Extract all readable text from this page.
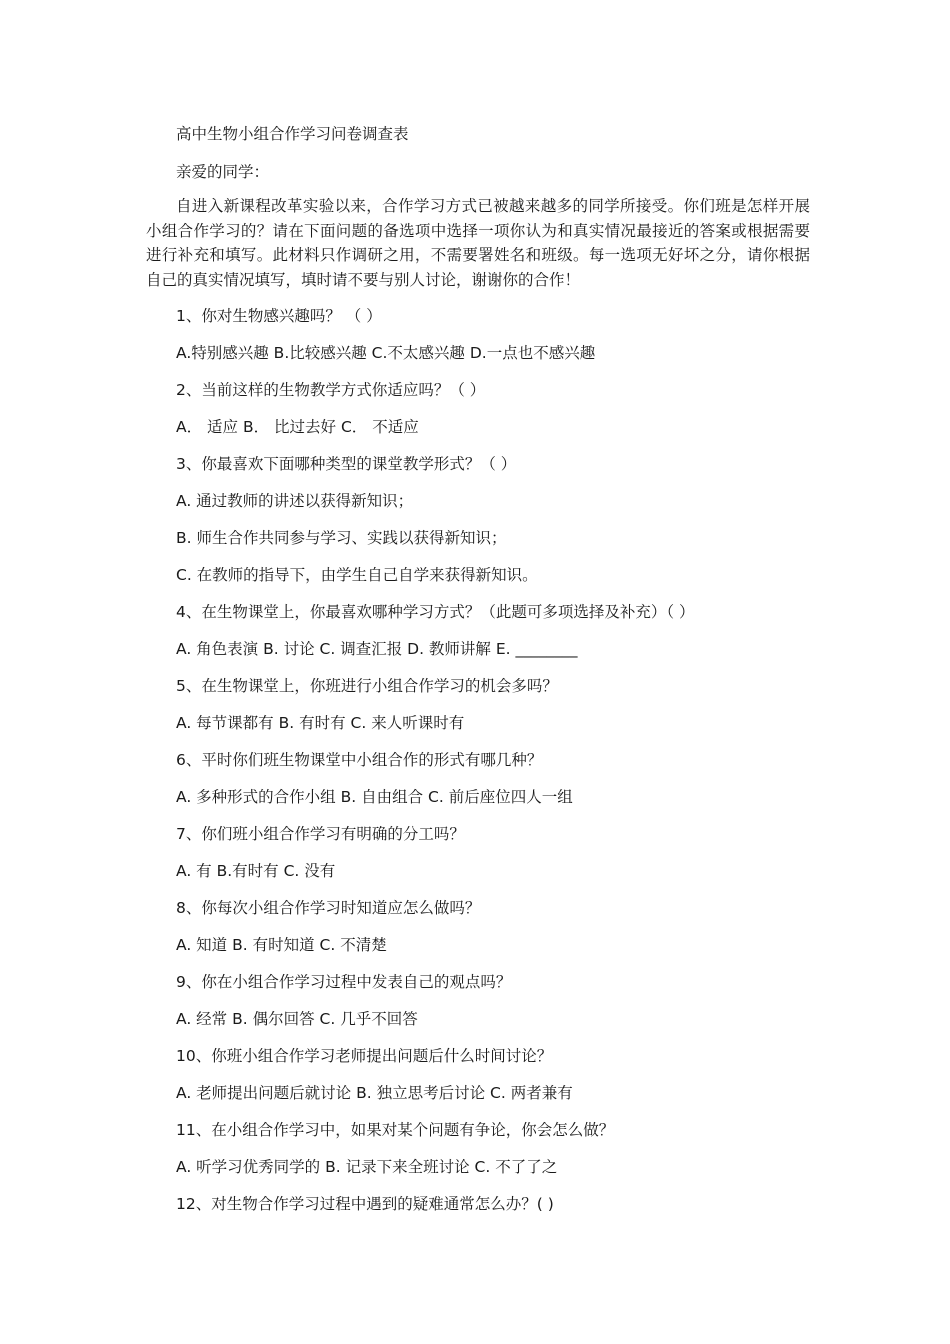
高中生物小组合作学习问卷调查表

亲爱的同学：

自进入新课程改革实验以来，合作学习方式已被越来越多的同学所接受。你们班是怎样开展小组合作学习的？请在下面问题的备选项中选择一项你认为和真实情况最接近的答案或根据需要进行补充和填写。此材料只作调研之用，不需要署姓名和班级。每一选项无好坏之分，请你根据自己的真实情况填写，填时请不要与别人讨论，谢谢你的合作！

1、你对生物感兴趣吗？ （ ）

A.特别感兴趣 B.比较感兴趣 C.不太感兴趣 D.一点也不感兴趣

2、当前这样的生物教学方式你适应吗？（ ）

A． 适应 B． 比过去好 C． 不适应

3、你最喜欢下面哪种类型的课堂教学形式？（ ）

A. 通过教师的讲述以获得新知识；

B. 师生合作共同参与学习、实践以获得新知识；

C. 在教师的指导下，由学生自己自学来获得新知识。

4、在生物课堂上，你最喜欢哪种学习方式？（此题可多项选择及补充）（ ）

A. 角色表演 B. 讨论 C. 调查汇报 D. 教师讲解 E. ________

5、在生物课堂上，你班进行小组合作学习的机会多吗？

A. 每节课都有 B. 有时有 C. 来人听课时有

6、平时你们班生物课堂中小组合作的形式有哪几种？

A. 多种形式的合作小组 B. 自由组合 C. 前后座位四人一组

7、你们班小组合作学习有明确的分工吗？

A. 有 B.有时有 C. 没有

8、你每次小组合作学习时知道应怎么做吗？

A. 知道 B. 有时知道 C. 不清楚

9、你在小组合作学习过程中发表自己的观点吗？

A. 经常 B. 偶尔回答 C. 几乎不回答

10、你班小组合作学习老师提出问题后什么时间讨论？

A. 老师提出问题后就讨论 B. 独立思考后讨论 C. 两者兼有

11、在小组合作学习中，如果对某个问题有争论，你会怎么做？

A. 听学习优秀同学的 B. 记录下来全班讨论 C. 不了了之

12、对生物合作学习过程中遇到的疑难通常怎么办？( )
